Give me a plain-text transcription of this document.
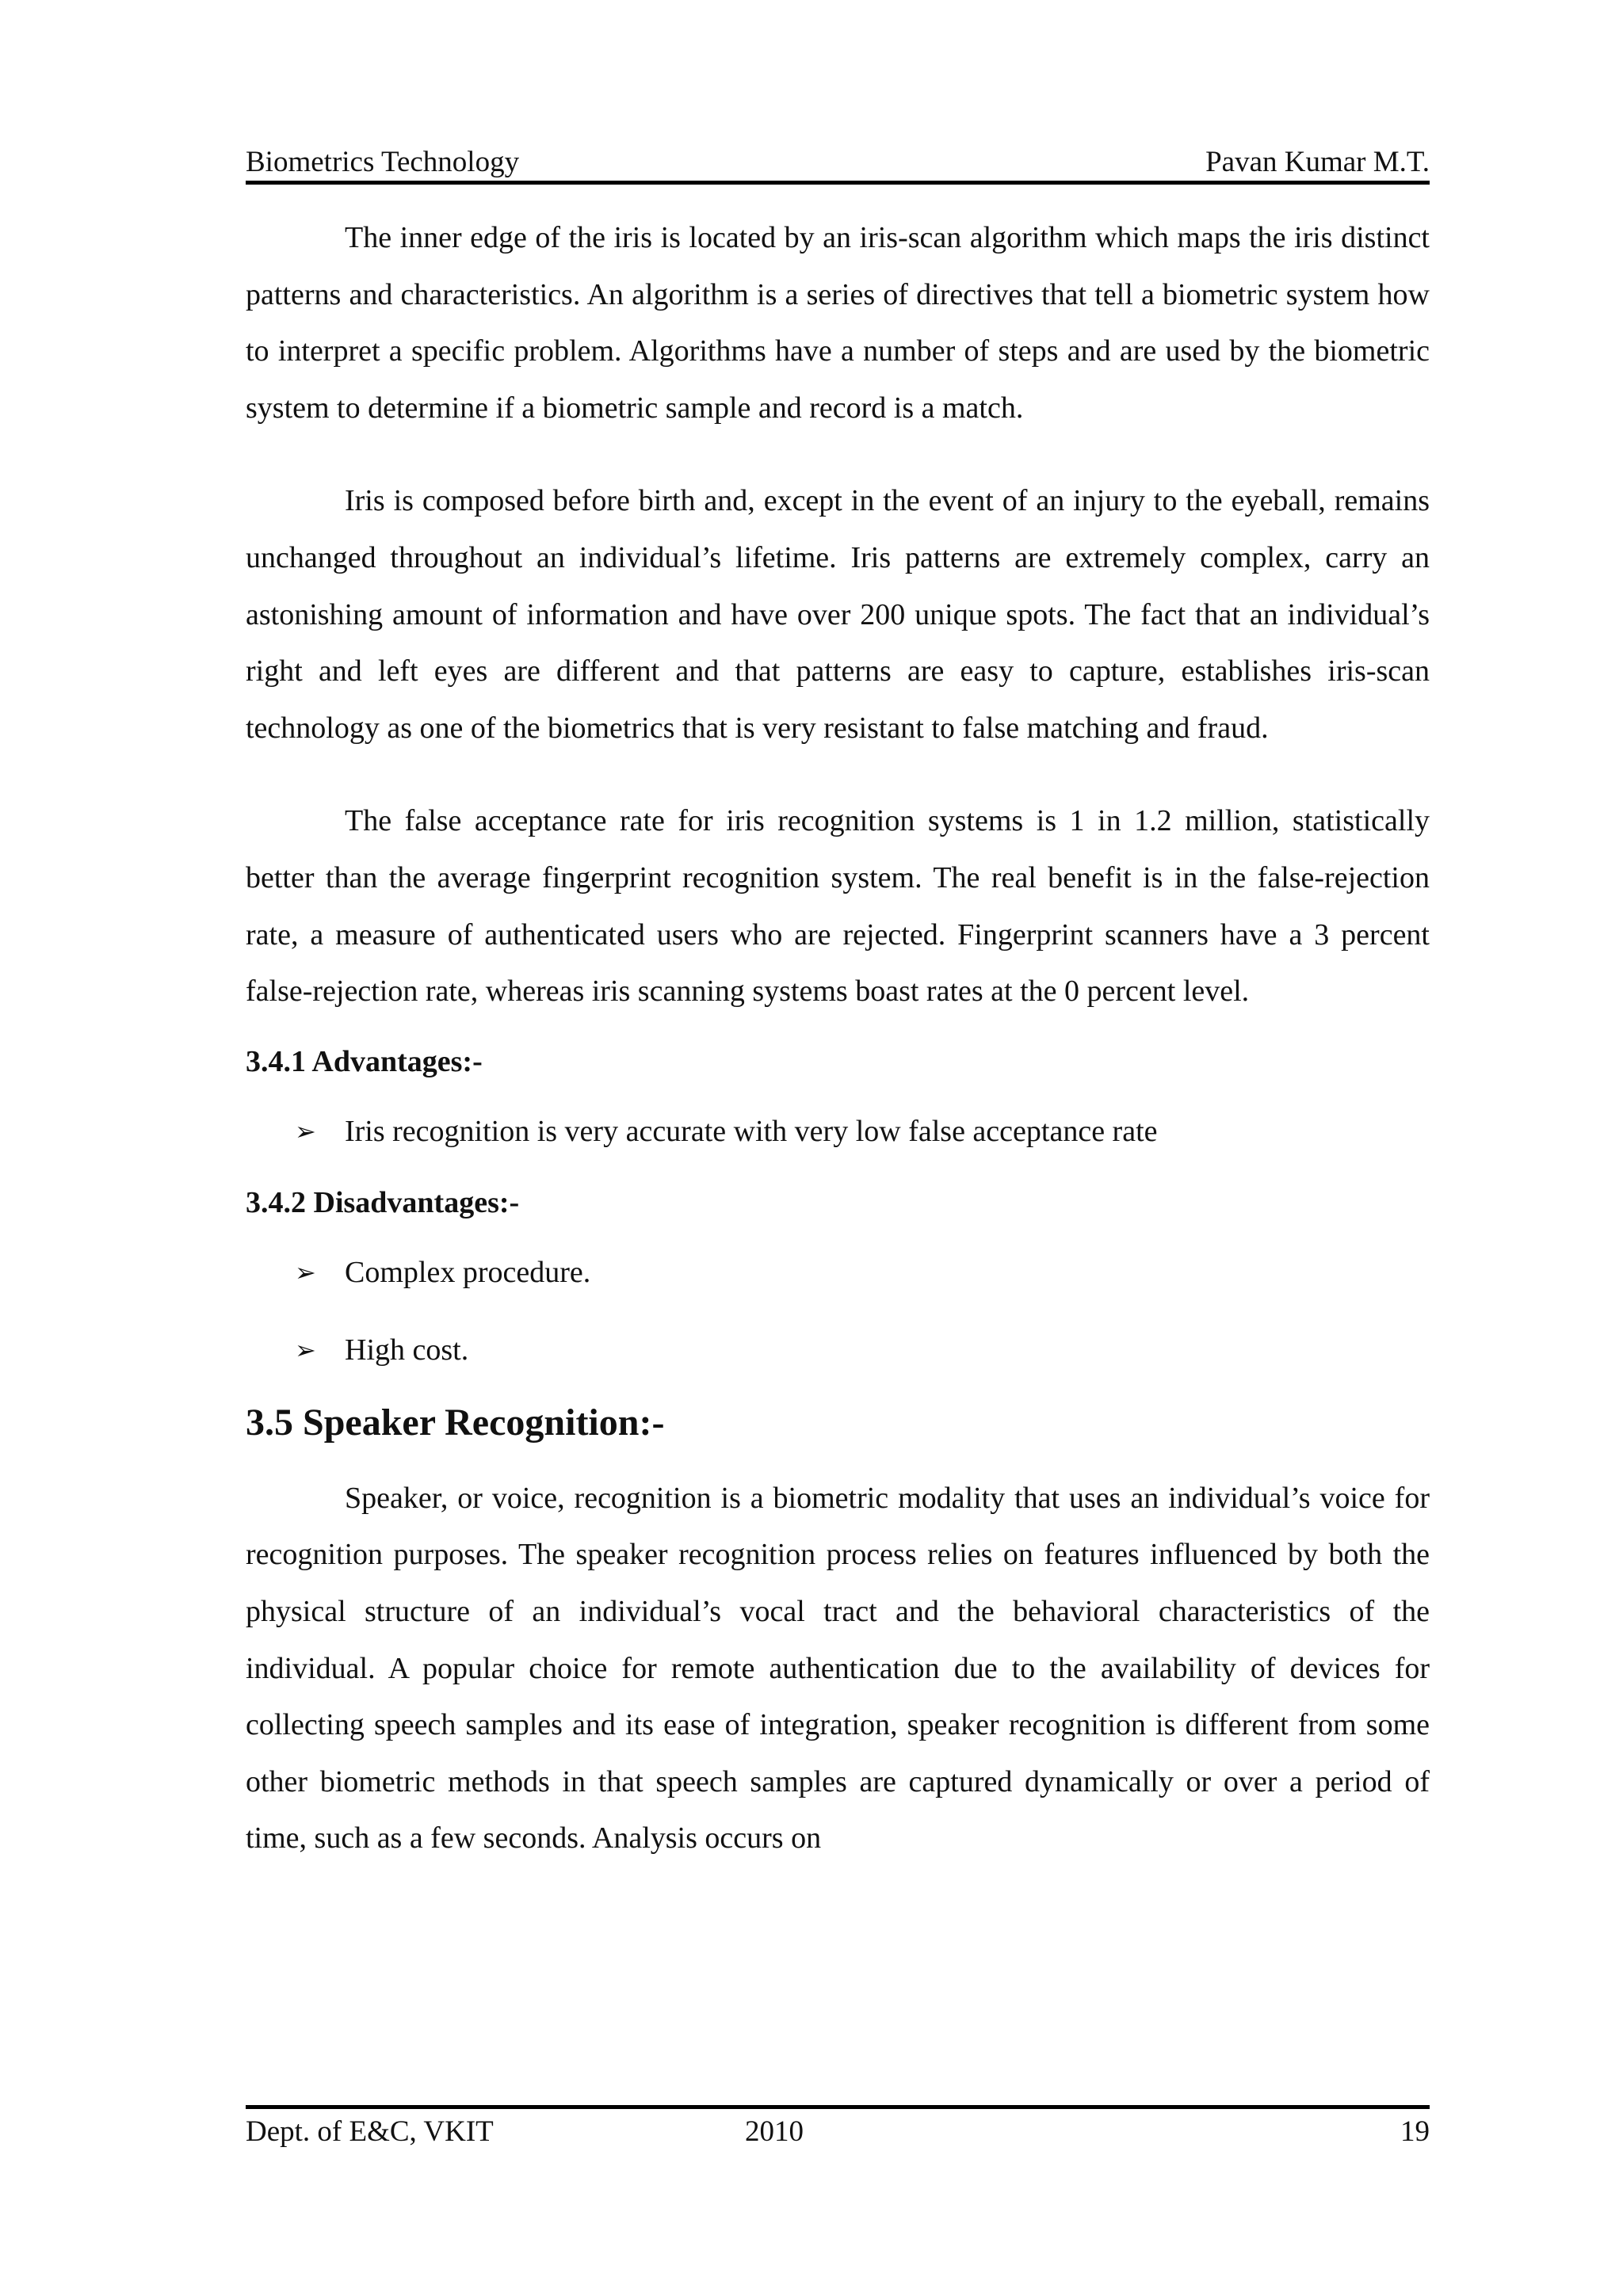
Biometrics Technology	Pavan Kumar M.T.

The inner edge of the iris is located by an iris-scan algorithm which maps the iris distinct patterns and characteristics. An algorithm is a series of directives that tell a biometric system how to interpret a specific problem. Algorithms have a number of steps and are used by the biometric system to determine if a biometric sample and record is a match.

Iris is composed before birth and, except in the event of an injury to the eyeball, remains unchanged throughout an individual’s lifetime. Iris patterns are extremely complex, carry an astonishing amount of information and have over 200 unique spots. The fact that an individual’s right and left eyes are different and that patterns are easy to capture, establishes iris-scan technology as one of the biometrics that is very resistant to false matching and fraud.

The false acceptance rate for iris recognition systems is 1 in 1.2 million, statistically better than the average fingerprint recognition system. The real benefit is in the false-rejection rate, a measure of authenticated users who are rejected. Fingerprint scanners have a 3 percent false-rejection rate, whereas iris scanning systems boast rates at the 0 percent level.

3.4.1 Advantages:-
➢ Iris recognition is very accurate with very low false acceptance rate
3.4.2 Disadvantages:-
➢ Complex procedure.
➢ High cost.
3.5 Speaker Recognition:-

Speaker, or voice, recognition is a biometric modality that uses an individual’s voice for recognition purposes. The speaker recognition process relies on features influenced by both the physical structure of an individual’s vocal tract and the behavioral characteristics of the individual. A popular choice for remote authentication due to the availability of devices for collecting speech samples and its ease of integration, speaker recognition is different from some other biometric methods in that speech samples are captured dynamically or over a period of time, such as a few seconds. Analysis occurs on

Dept. of E&C, VKIT	2010	19
